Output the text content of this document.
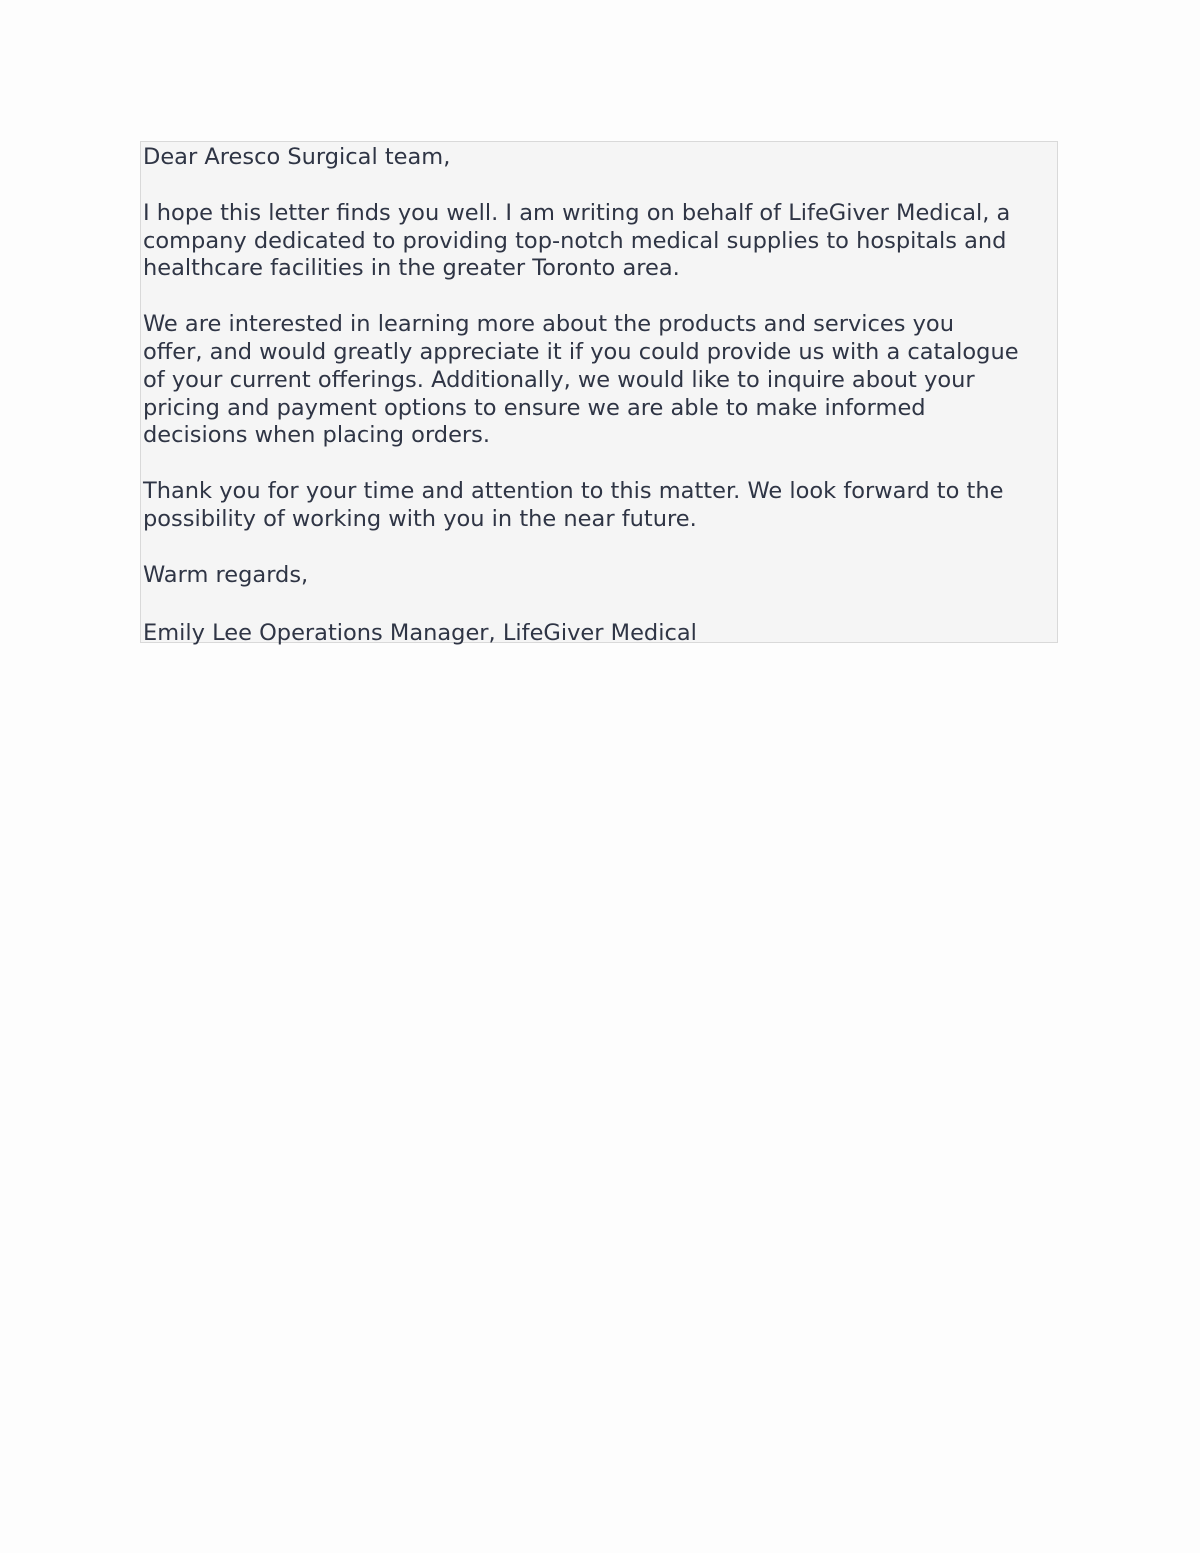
Dear Aresco Surgical team,

I hope this letter finds you well. I am writing on behalf of LifeGiver Medical, a
company dedicated to providing top-notch medical supplies to hospitals and
healthcare facilities in the greater Toronto area.

We are interested in learning more about the products and services you
offer, and would greatly appreciate it if you could provide us with a catalogue
of your current offerings. Additionally, we would like to inquire about your
pricing and payment options to ensure we are able to make informed
decisions when placing orders.

Thank you for your time and attention to this matter. We look forward to the
possibility of working with you in the near future.

Warm regards,

Emily Lee Operations Manager, LifeGiver Medical
